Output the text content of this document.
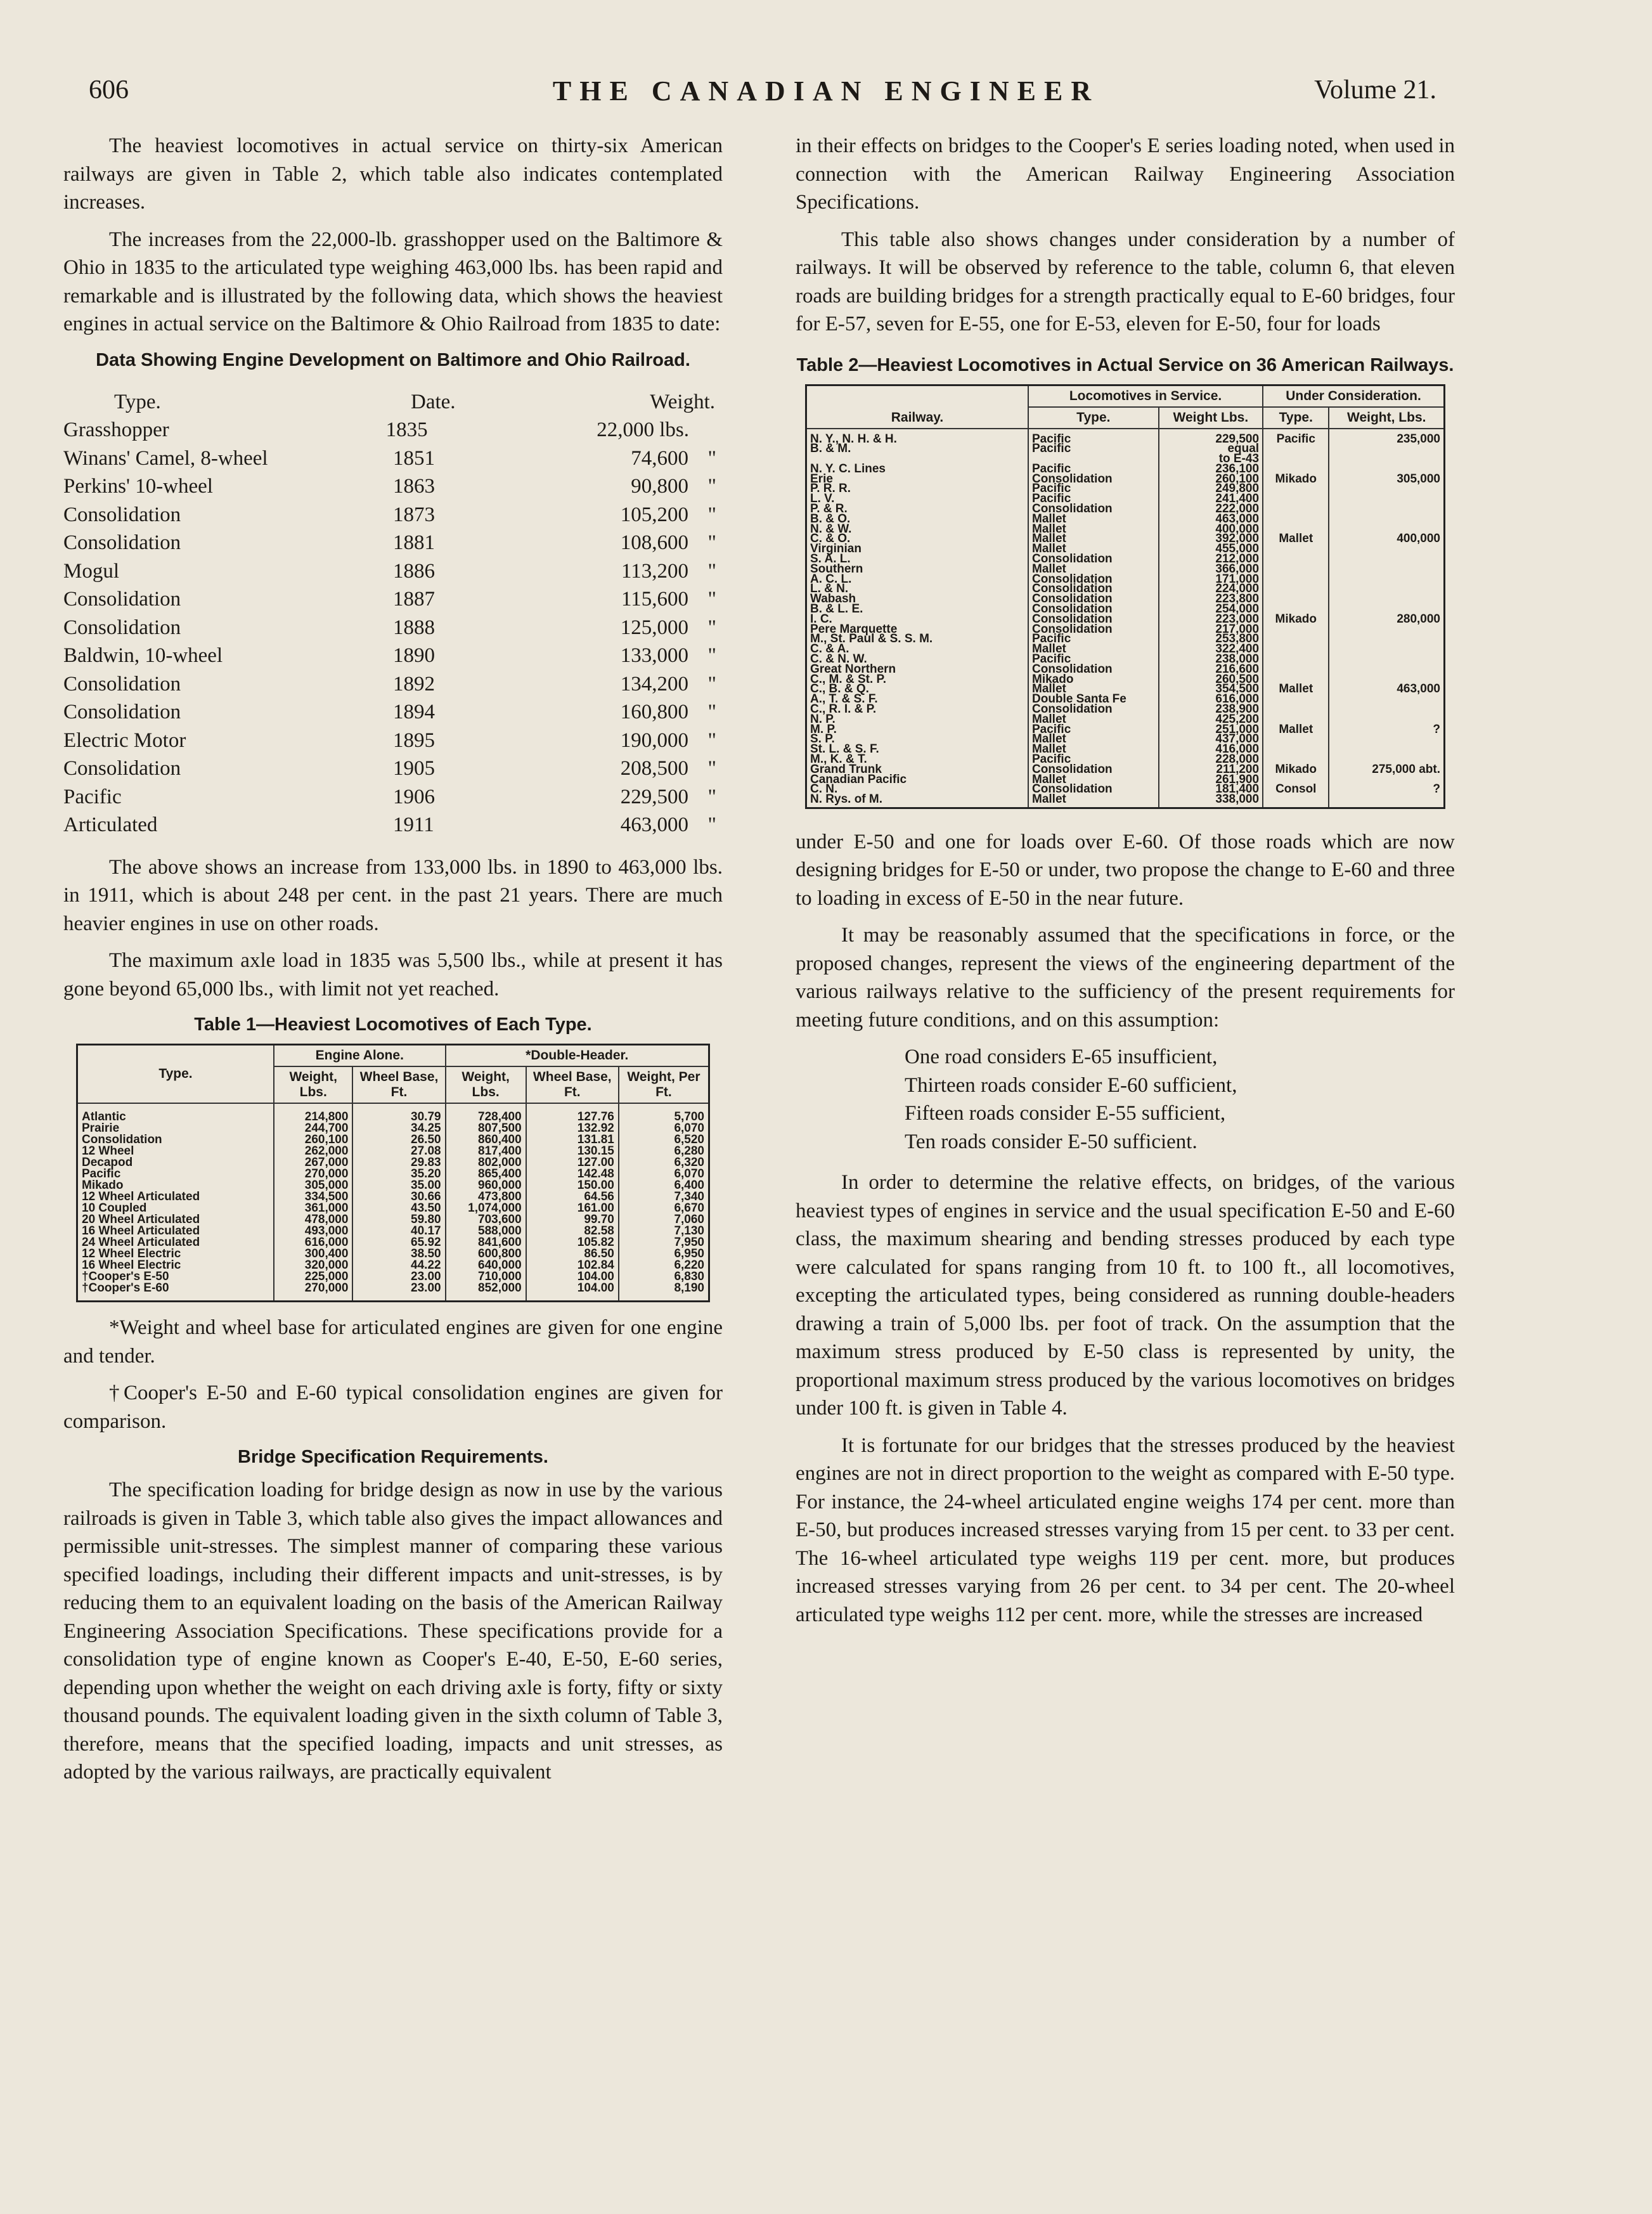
606	THE CANADIAN ENGINEER	Volume 21.

The heaviest locomotives in actual service on thirty-six American railways are given in Table 2, which table also indicates contemplated increases.

The increases from the 22,000-lb. grasshopper used on the Baltimore & Ohio in 1835 to the articulated type weighing 463,000 lbs. has been rapid and remarkable and is illustrated by the following data, which shows the heaviest engines in actual service on the Baltimore & Ohio Railroad from 1835 to date:

Data Showing Engine Development on Baltimore and Ohio Railroad.
Type.	Date.	Weight.
Grasshopper	1835	22,000 lbs.
Winans' Camel, 8-wheel	1851	74,600 "
Perkins' 10-wheel	1863	90,800 "
Consolidation	1873	105,200 "
Consolidation	1881	108,600 "
Mogul	1886	113,200 "
Consolidation	1887	115,600 "
Consolidation	1888	125,000 "
Baldwin, 10-wheel	1890	133,000 "
Consolidation	1892	134,200 "
Consolidation	1894	160,800 "
Electric Motor	1895	190,000 "
Consolidation	1905	208,500 "
Pacific	1906	229,500 "
Articulated	1911	463,000 "

The above shows an increase from 133,000 lbs. in 1890 to 463,000 lbs. in 1911, which is about 248 per cent. in the past 21 years. There are much heavier engines in use on other roads.

The maximum axle load in 1835 was 5,500 lbs., while at present it has gone beyond 65,000 lbs., with limit not yet reached.

Table 1—Heaviest Locomotives of Each Type.
Type.	Engine Alone.		*Double-Header.		
	Weight, Lbs.	Wheel Base, Ft.	Weight, Lbs.	Wheel Base, Ft.	Weight, Per Ft.
Atlantic	214,800	30.79	728,400	127.76	5,700
Prairie	244,700	34.25	807,500	132.92	6,070
Consolidation	260,100	26.50	860,400	131.81	6,520
12 Wheel	262,000	27.08	817,400	130.15	6,280
Decapod	267,000	29.83	802,000	127.00	6,320
Pacific	270,000	35.20	865,400	142.48	6,070
Mikado	305,000	35.00	960,000	150.00	6,400
12 Wheel Articulated	334,500	30.66	473,800	64.56	7,340
10 Coupled	361,000	43.50	1,074,000	161.00	6,670
20 Wheel Articulated	478,000	59.80	703,600	99.70	7,060
16 Wheel Articulated	493,000	40.17	588,000	82.58	7,130
24 Wheel Articulated	616,000	65.92	841,600	105.82	7,950
12 Wheel Electric	300,400	38.50	600,800	86.50	6,950
16 Wheel Electric	320,000	44.22	640,000	102.84	6,220
†Cooper's E-50	225,000	23.00	710,000	104.00	6,830
†Cooper's E-60	270,000	23.00	852,000	104.00	8,190

*Weight and wheel base for articulated engines are given for one engine and tender.

†Cooper's E-50 and E-60 typical consolidation engines are given for comparison.

Bridge Specification Requirements.

The specification loading for bridge design as now in use by the various railroads is given in Table 3, which table also gives the impact allowances and permissible unit-stresses. The simplest manner of comparing these various specified loadings, including their different impacts and unit-stresses, is by reducing them to an equivalent loading on the basis of the American Railway Engineering Association Specifications. These specifications provide for a consolidation type of engine known as Cooper's E-40, E-50, E-60 series, depending upon whether the weight on each driving axle is forty, fifty or sixty thousand pounds. The equivalent loading given in the sixth column of Table 3, therefore, means that the specified loading, impacts and unit stresses, as adopted by the various railways, are practically equivalent

in their effects on bridges to the Cooper's E series loading noted, when used in connection with the American Railway Engineering Association Specifications.

This table also shows changes under consideration by a number of railways. It will be observed by reference to the table, column 6, that eleven roads are building bridges for a strength practically equal to E-60 bridges, four for E-57, seven for E-55, one for E-53, eleven for E-50, four for loads

Table 2—Heaviest Locomotives in Actual Service on 36 American Railways.
Railway.	Locomotives in Service.		Under Consideration.	
	Type.	Weight Lbs.	Type.	Weight, Lbs.
N. Y., N. H. & H.	Pacific	229,500	Pacific	235,000
B. & M.	Pacific	equal		
		to E-43		
N. Y. C. Lines	Pacific	236,100		
Erie	Consolidation	260,100	Mikado	305,000
P. R. R.	Pacific	249,800		
L. V.	Pacific	241,400		
P. & R.	Consolidation	222,000		
B. & O.	Mallet	463,000		
N. & W.	Mallet	400,000		
C. & O.	Mallet	392,000	Mallet	400,000
Virginian	Mallet	455,000		
S. A. L.	Consolidation	212,000		
Southern	Mallet	366,000		
A. C. L.	Consolidation	171,000		
L. & N.	Consolidation	224,000		
Wabash	Consolidation	223,800		
B. & L. E.	Consolidation	254,000		
I. C.	Consolidation	223,000	Mikado	280,000
Pere Marquette	Consolidation	217,000		
M., St. Paul & S. S. M.	Pacific	253,800		
C. & A.	Mallet	322,400		
C. & N. W.	Pacific	238,000		
Great Northern	Consolidation	216,600		
C., M. & St. P.	Mikado	260,500		
C., B. & Q.	Mallet	354,500	Mallet	463,000
A., T. & S. F.	Double Santa Fe	616,000		
C., R. I. & P.	Consolidation	238,900		
N. P.	Mallet	425,200		
M. P.	Pacific	251,000	Mallet	?
S. P.	Mallet	437,000		
St. L. & S. F.	Mallet	416,000		
M., K. & T.	Pacific	228,000		
Grand Trunk	Consolidation	211,200	Mikado	275,000 abt.
Canadian Pacific	Mallet	261,900		
C. N.	Consolidation	181,400	Consol	?
N. Rys. of M.	Mallet	338,000		

under E-50 and one for loads over E-60. Of those roads which are now designing bridges for E-50 or under, two propose the change to E-60 and three to loading in excess of E-50 in the near future.

It may be reasonably assumed that the specifications in force, or the proposed changes, represent the views of the engineering department of the various railways relative to the sufficiency of the present requirements for meeting future conditions, and on this assumption:

One road considers E-65 insufficient,
Thirteen roads consider E-60 sufficient,
Fifteen roads consider E-55 sufficient,
Ten roads consider E-50 sufficient.

In order to determine the relative effects, on bridges, of the various heaviest types of engines in service and the usual specification E-50 and E-60 class, the maximum shearing and bending stresses produced by each type were calculated for spans ranging from 10 ft. to 100 ft., all locomotives, excepting the articulated types, being considered as running double-headers drawing a train of 5,000 lbs. per foot of track. On the assumption that the maximum stress produced by E-50 class is represented by unity, the proportional maximum stress produced by the various locomotives on bridges under 100 ft. is given in Table 4.

It is fortunate for our bridges that the stresses produced by the heaviest engines are not in direct proportion to the weight as compared with E-50 type. For instance, the 24-wheel articulated engine weighs 174 per cent. more than E-50, but produces increased stresses varying from 15 per cent. to 33 per cent. The 16-wheel articulated type weighs 119 per cent. more, but produces increased stresses varying from 26 per cent. to 34 per cent. The 20-wheel articulated type weighs 112 per cent. more, while the stresses are increased
